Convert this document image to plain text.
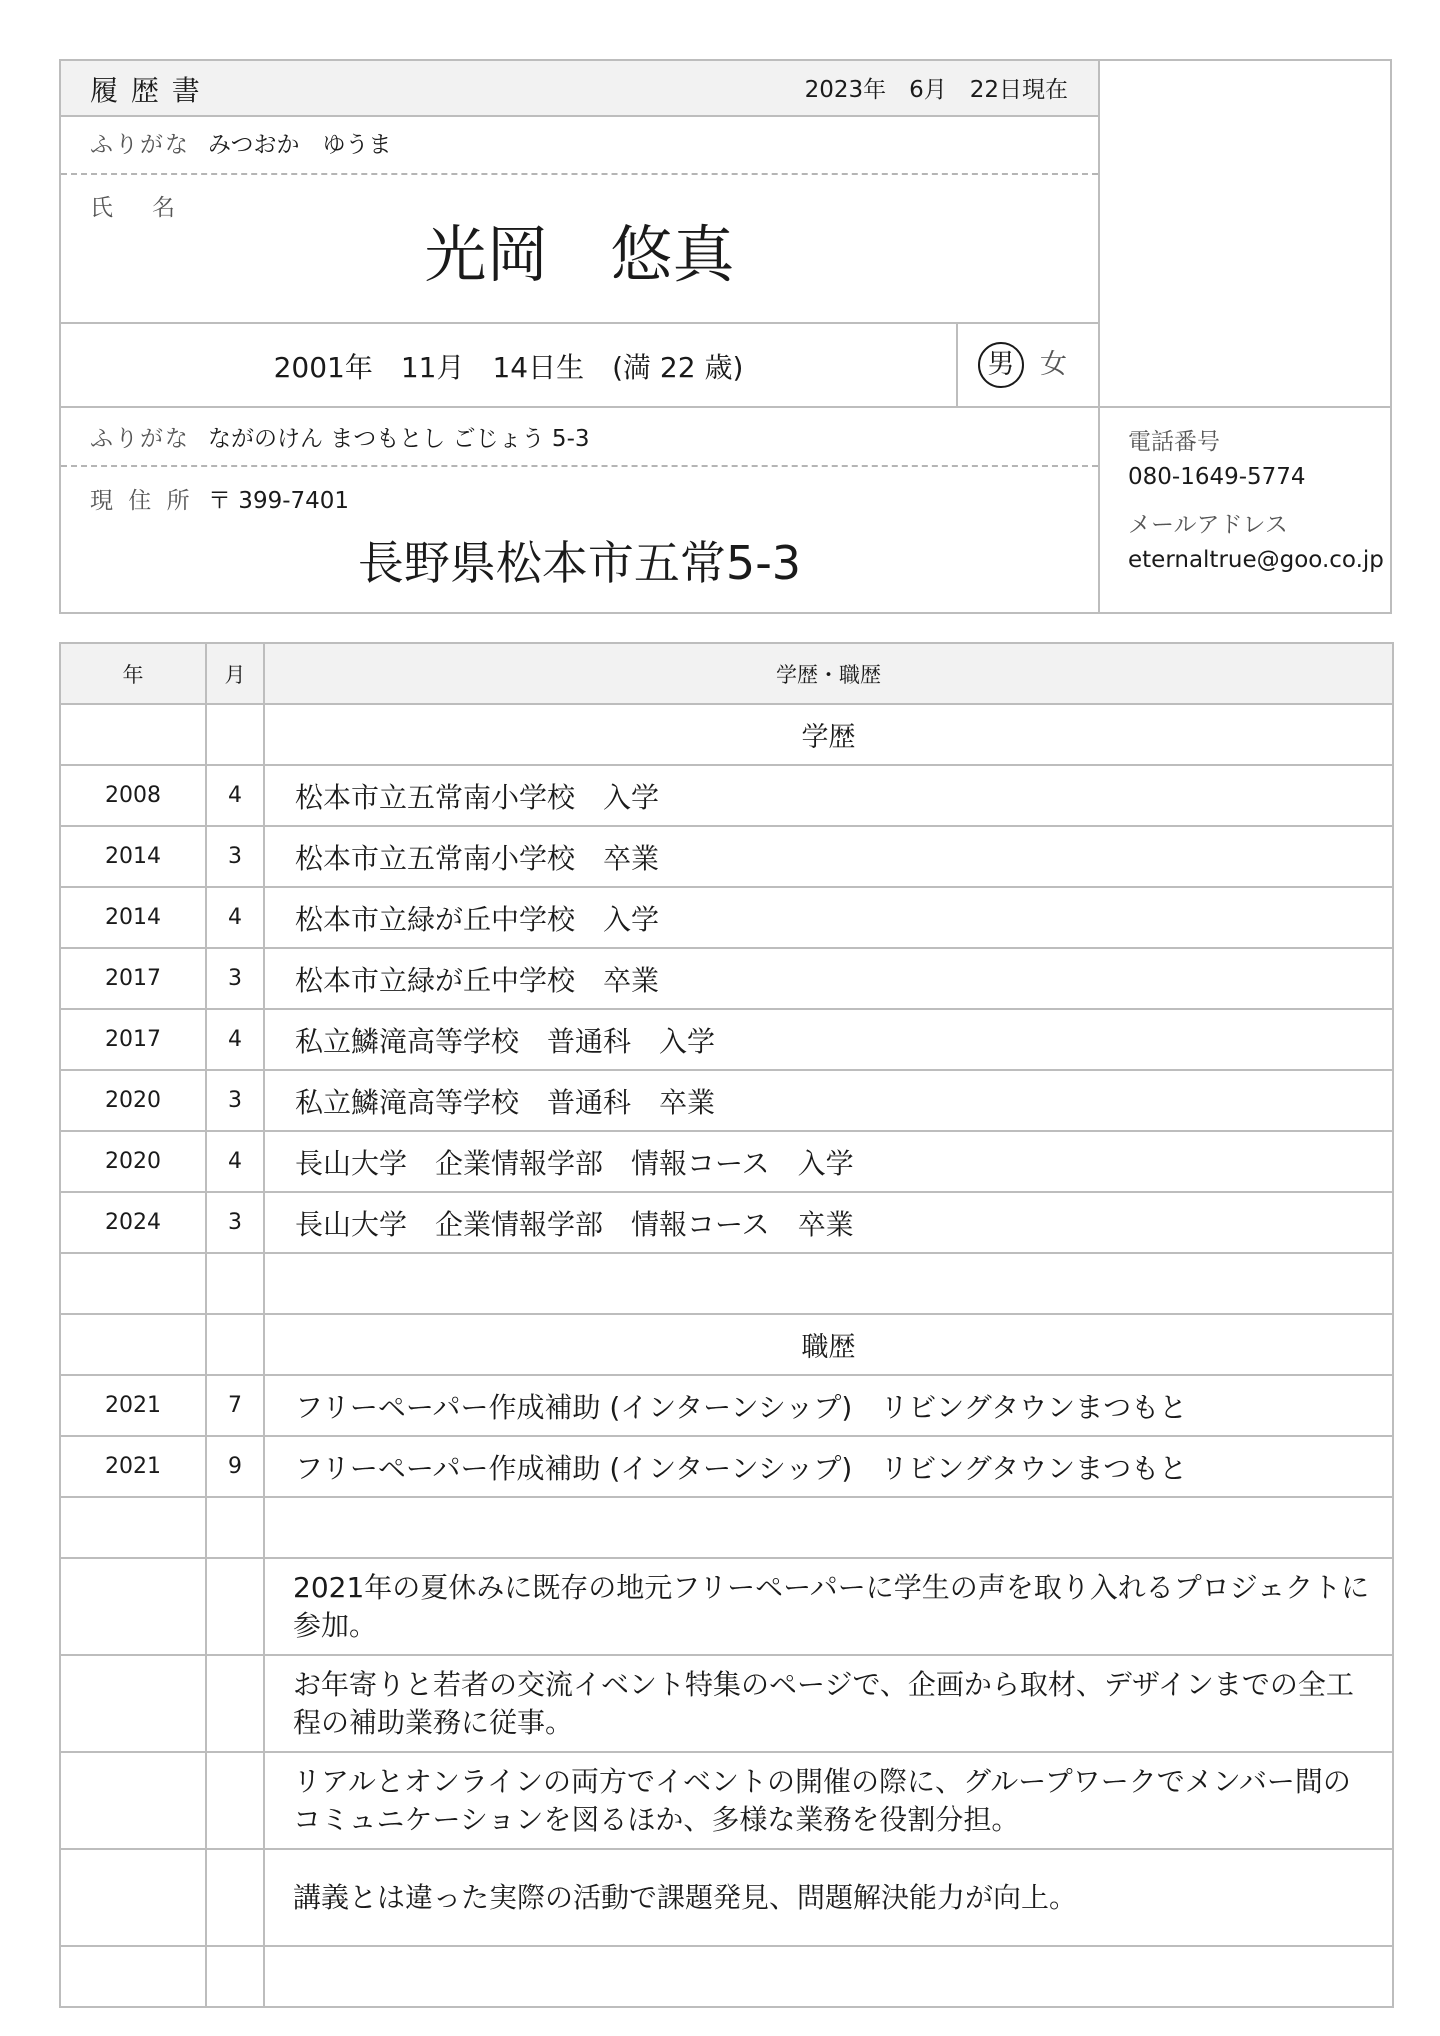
履 歴 書	2023年　6月　22日現在
ふりがな みつおか　ゆうま
氏　名
光岡　悠真
2001年　11月　14日生　(満 22 歳)	男 女
ふりがな ながのけん まつもとし ごじょう 5-3
現 住 所 〒 399-7401
長野県松本市五常5-3
電話番号
080-1649-5774
メールアドレス
eternaltrue@goo.co.jp
年	月	学歴・職歴
		学歴
2008	4	松本市立五常南小学校　入学
2014	3	松本市立五常南小学校　卒業
2014	4	松本市立緑が丘中学校　入学
2017	3	松本市立緑が丘中学校　卒業
2017	4	私立鱗滝高等学校　普通科　入学
2020	3	私立鱗滝高等学校　普通科　卒業
2020	4	長山大学　企業情報学部　情報コース　入学
2024	3	長山大学　企業情報学部　情報コース　卒業

		職歴
2021	7	フリーペーパー作成補助 (インターンシップ)　リビングタウンまつもと
2021	9	フリーペーパー作成補助 (インターンシップ)　リビングタウンまつもと

		2021年の夏休みに既存の地元フリーペーパーに学生の声を取り入れるプロジェクトに参加。
		お年寄りと若者の交流イベント特集のページで、企画から取材、デザインまでの全工程の補助業務に従事。
		リアルとオンラインの両方でイベントの開催の際に、グループワークでメンバー間のコミュニケーションを図るほか、多様な業務を役割分担。
		講義とは違った実際の活動で課題発見、問題解決能力が向上。
